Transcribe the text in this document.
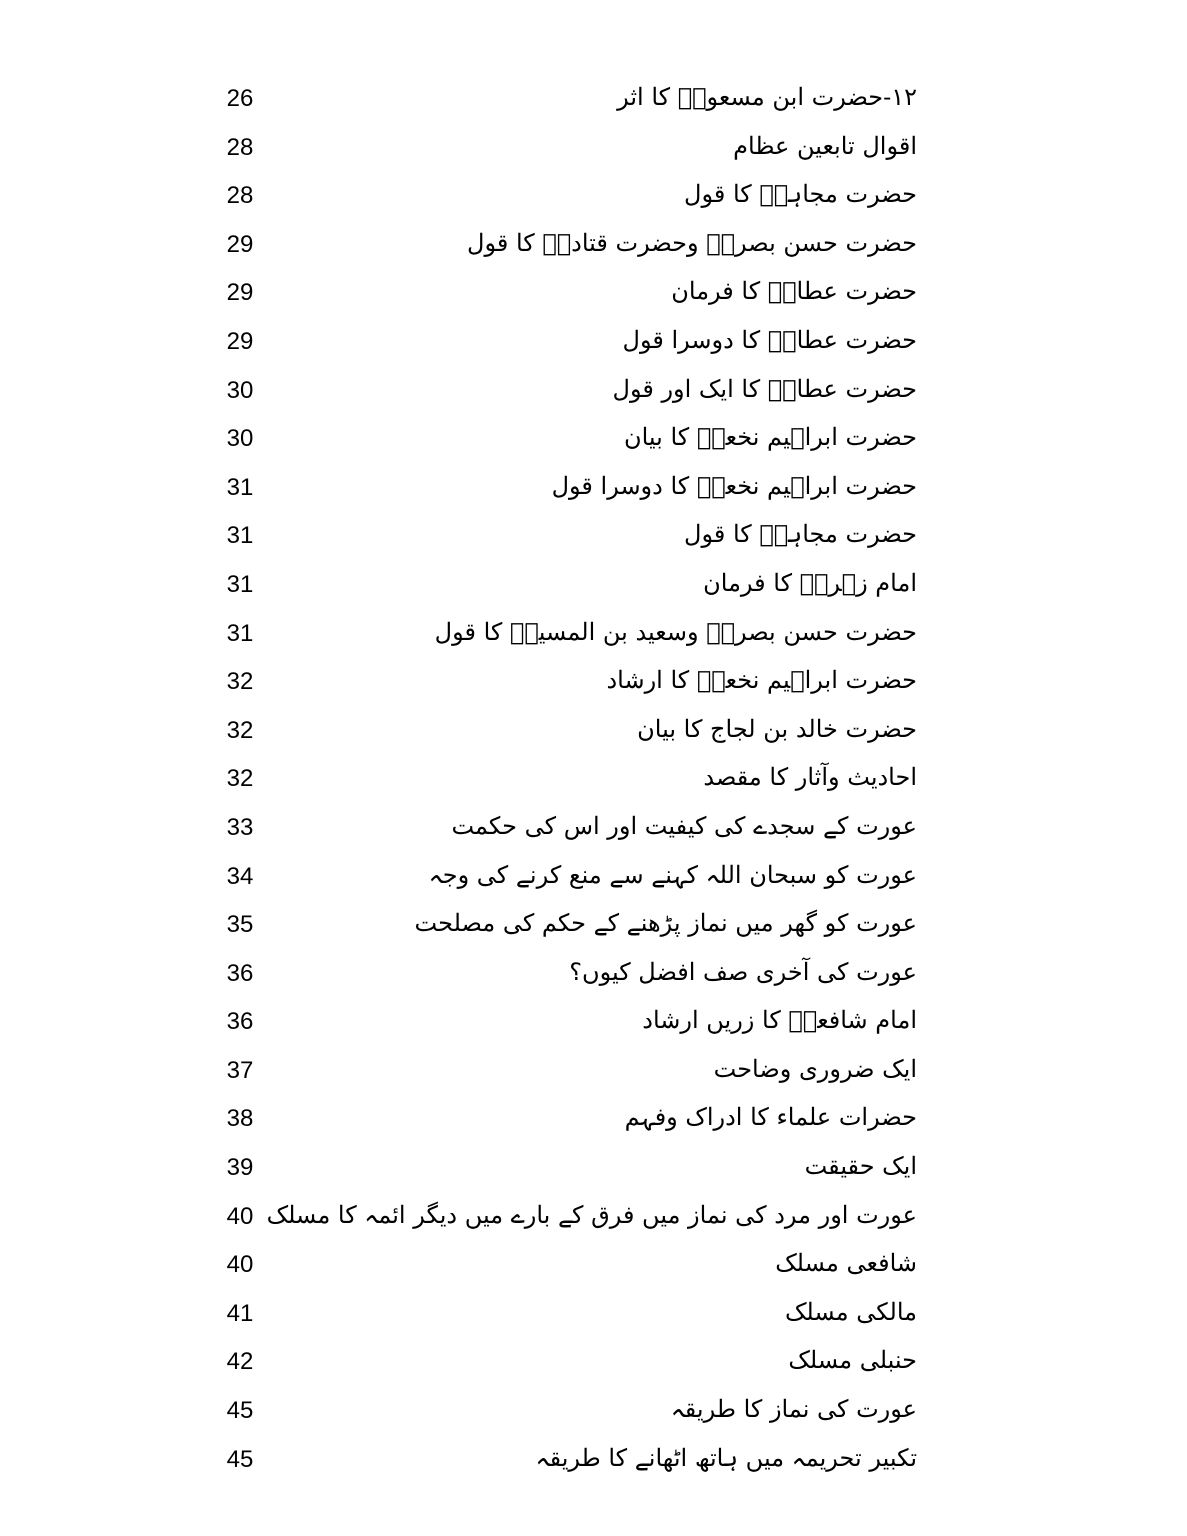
۱۲-حضرت ابن مسعودؓ کا اثر
26
اقوال تابعین عظام
28
حضرت مجاہدؒ کا قول
28
حضرت حسن بصریؒ وحضرت قتادہؒ کا قول
29
حضرت عطاءؒ کا فرمان
29
حضرت عطاءؒ کا دوسرا قول
29
حضرت عطاءؒ کا ایک اور قول
30
حضرت ابراہیم نخعیؒ کا بیان
30
حضرت ابراہیم نخعیؒ کا دوسرا قول
31
حضرت مجاہدؒ کا قول
31
امام زہریؒ کا فرمان
31
حضرت حسن بصریؒ وسعید بن المسیبؒ کا قول
31
حضرت ابراہیم نخعیؒ کا ارشاد
32
حضرت خالد بن لجاج کا بیان
32
احادیث وآثار کا مقصد
32
عورت کے سجدے کی کیفیت اور اس کی حکمت
33
عورت کو سبحان اللہ کہنے سے منع کرنے کی وجہ
34
عورت کو گھر میں نماز پڑھنے کے حکم کی مصلحت
35
عورت کی آخری صف افضل کیوں؟
36
امام شافعیؒ کا زریں ارشاد
36
ایک ضروری وضاحت
37
حضرات علماء کا ادراک وفہم
38
ایک حقیقت
39
عورت اور مرد کی نماز میں فرق کے بارے میں دیگر ائمہ کا مسلک
40
شافعی مسلک
40
مالکی مسلک
41
حنبلی مسلک
42
عورت کی نماز کا طریقہ
45
تکبیر تحریمہ میں ہاتھ اٹھانے کا طریقہ
45
